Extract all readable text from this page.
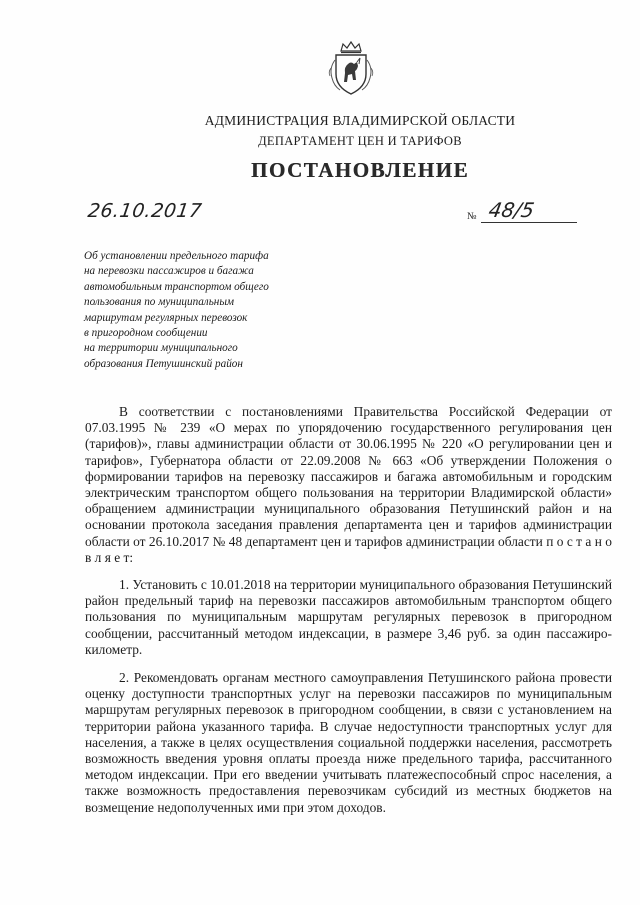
АДМИНИСТРАЦИЯ ВЛАДИМИРСКОЙ ОБЛАСТИ
ДЕПАРТАМЕНТ ЦЕН И ТАРИФОВ
ПОСТАНОВЛЕНИЕ
26.10.2017	№ 48/5
Об установлении предельного тарифа
на перевозки пассажиров и багажа
автомобильным транспортом общего
пользования по муниципальным
маршрутам регулярных перевозок
в пригородном сообщении
на территории муниципального
образования Петушинский район

В соответствии с постановлениями Правительства Российской Федерации от 07.03.1995 № 239 «О мерах по упорядочению государственного регулирования цен (тарифов)», главы администрации области от 30.06.1995 № 220 «О регулировании цен и тарифов», Губернатора области от 22.09.2008 № 663 «Об утверждении Положения о формировании тарифов на перевозку пассажиров и багажа автомобильным и городским электрическим транспортом общего пользования на территории Владимирской области» обращением администрации муниципального образования Петушинский район и на основании протокола заседания правления департамента цен и тарифов администрации области от 26.10.2017 № 48 департамент цен и тарифов администрации области п о с т а н о в л я е т:

1. Установить с 10.01.2018 на территории муниципального образования Петушинский район предельный тариф на перевозки пассажиров автомобильным транспортом общего пользования по муниципальным маршрутам регулярных перевозок в пригородном сообщении, рассчитанный методом индексации, в размере 3,46 руб. за один пассажиро-километр.

2. Рекомендовать органам местного самоуправления Петушинского района провести оценку доступности транспортных услуг на перевозки пассажиров по муниципальным маршрутам регулярных перевозок в пригородном сообщении, в связи с установлением на территории района указанного тарифа. В случае недоступности транспортных услуг для населения, а также в целях осуществления социальной поддержки населения, рассмотреть возможность введения уровня оплаты проезда ниже предельного тарифа, рассчитанного методом индексации. При его введении учитывать платежеспособный спрос населения, а также возможность предоставления перевозчикам субсидий из местных бюджетов на возмещение недополученных ими при этом доходов.
